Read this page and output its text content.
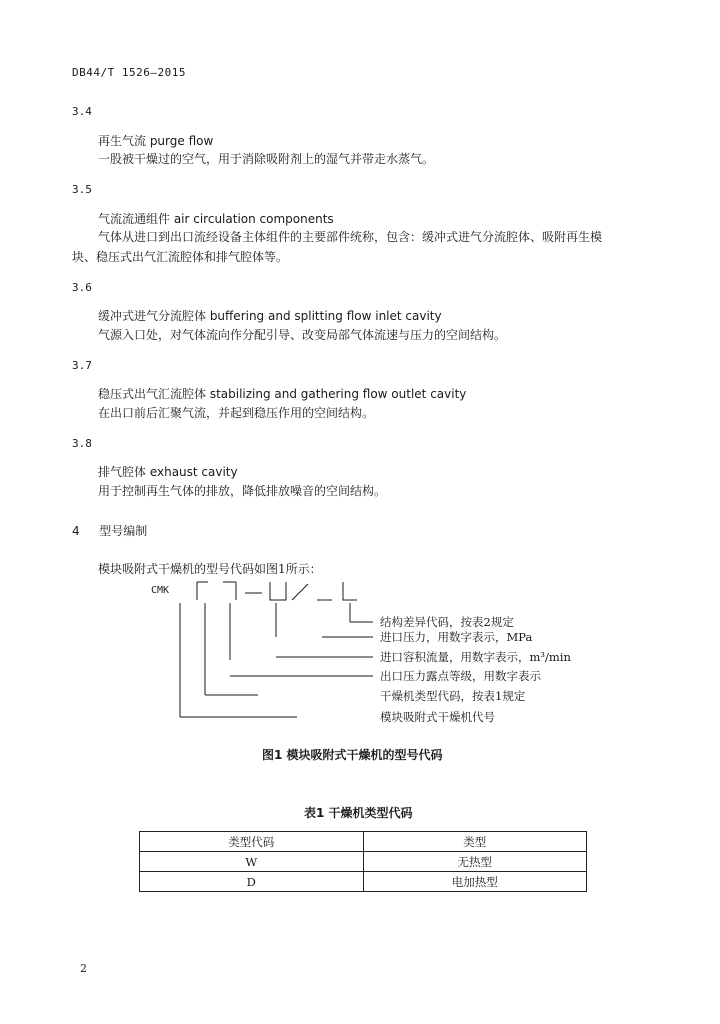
DB44/T 1526—2015
3.4
再生气流 purge flow
一股被干燥过的空气，用于消除吸附剂上的湿气并带走水蒸气。
3.5
气流流通组件 air circulation components
气体从进口到出口流经设备主体组件的主要部件统称，包含：缓冲式进气分流腔体、吸附再生模
块、稳压式出气汇流腔体和排气腔体等。
3.6
缓冲式进气分流腔体 buffering and splitting flow inlet cavity
气源入口处，对气体流向作分配引导、改变局部气体流速与压力的空间结构。
3.7
稳压式出气汇流腔体 stabilizing and gathering flow outlet cavity
在出口前后汇聚气流，并起到稳压作用的空间结构。
3.8
排气腔体 exhaust cavity
用于控制再生气体的排放，降低排放噪音的空间结构。
4 型号编制
模块吸附式干燥机的型号代码如图1所示：
CMK
结构差异代码，按表2规定
进口压力，用数字表示，MPa
进口容积流量，用数字表示，m³/min
出口压力露点等级，用数字表示
干燥机类型代码，按表1规定
模块吸附式干燥机代号
图1 模块吸附式干燥机的型号代码
表1 干燥机类型代码
类型代码	类型
W	无热型
D	电加热型
2
